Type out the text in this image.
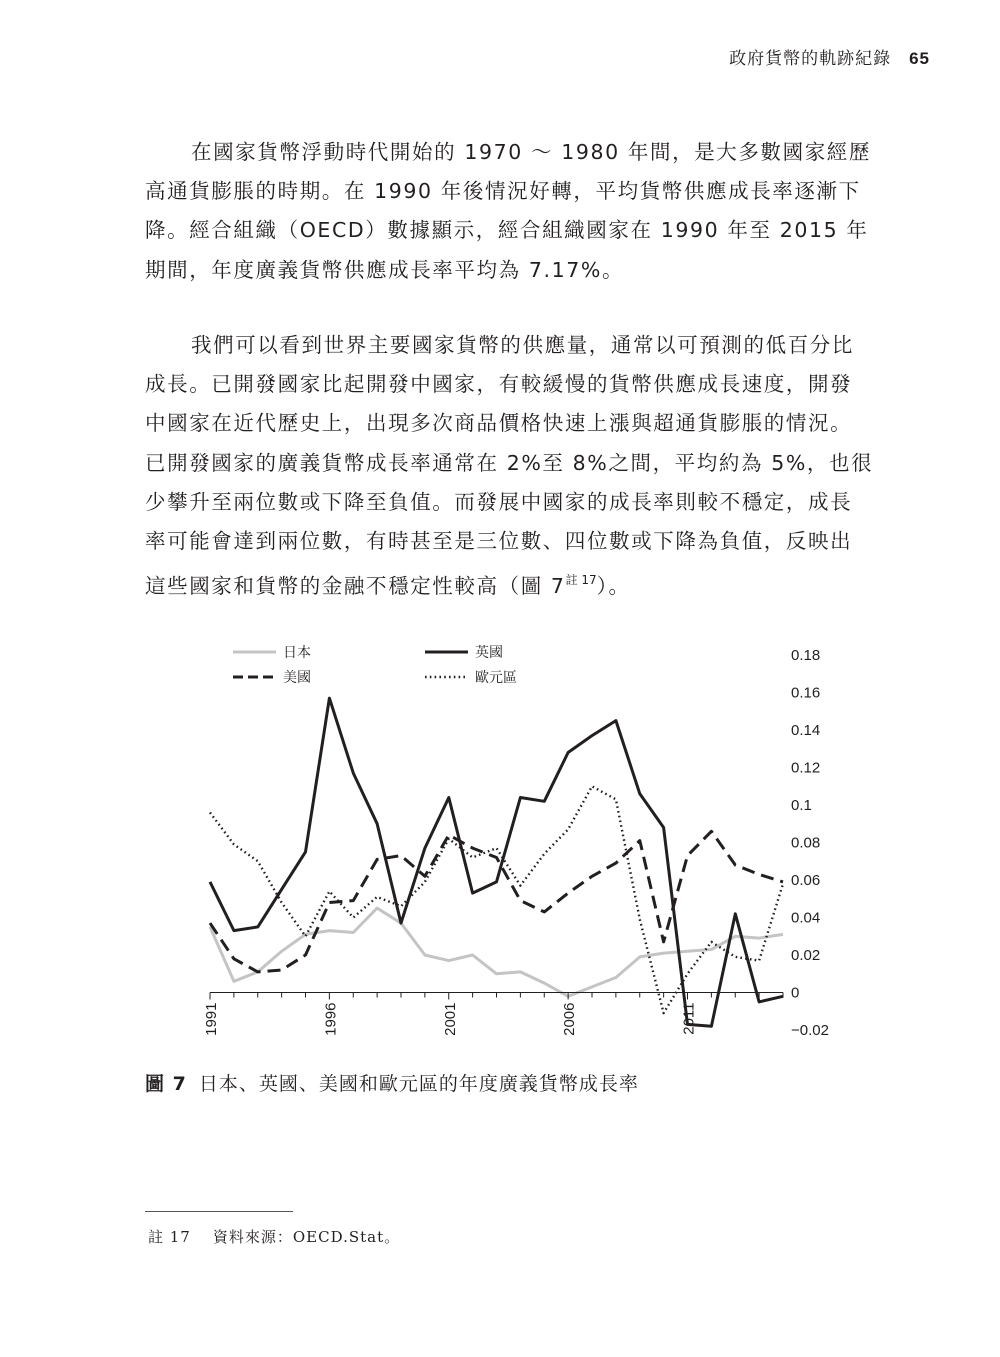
政府貨幣的軌跡紀錄 65

在國家貨幣浮動時代開始的 1970 ～ 1980 年間，是大多數國家經歷
高通貨膨脹的時期。在 1990 年後情況好轉，平均貨幣供應成長率逐漸下
降。經合組織（OECD）數據顯示，經合組織國家在 1990 年至 2015 年
期間，年度廣義貨幣供應成長率平均為 7.17%。

我們可以看到世界主要國家貨幣的供應量，通常以可預測的低百分比
成長。已開發國家比起開發中國家，有較緩慢的貨幣供應成長速度，開發
中國家在近代歷史上，出現多次商品價格快速上漲與超通貨膨脹的情況。
已開發國家的廣義貨幣成長率通常在 2%至 8%之間，平均約為 5%，也很
少攀升至兩位數或下降至負值。而發展中國家的成長率則較不穩定，成長
率可能會達到兩位數，有時甚至是三位數、四位數或下降為負值，反映出
這些國家和貨幣的金融不穩定性較高（圖 7$^{註 17}$）。

日本	英國
美國	歐元區
1991	1996	2001	2006	2011
0.18
0.16
0.14
0.12
0.1
0.08
0.06
0.04
0.02
0
−0.02
圖 7 日本、英國、美國和歐元區的年度廣義貨幣成長率
註 17 資料來源：OECD.Stat。
